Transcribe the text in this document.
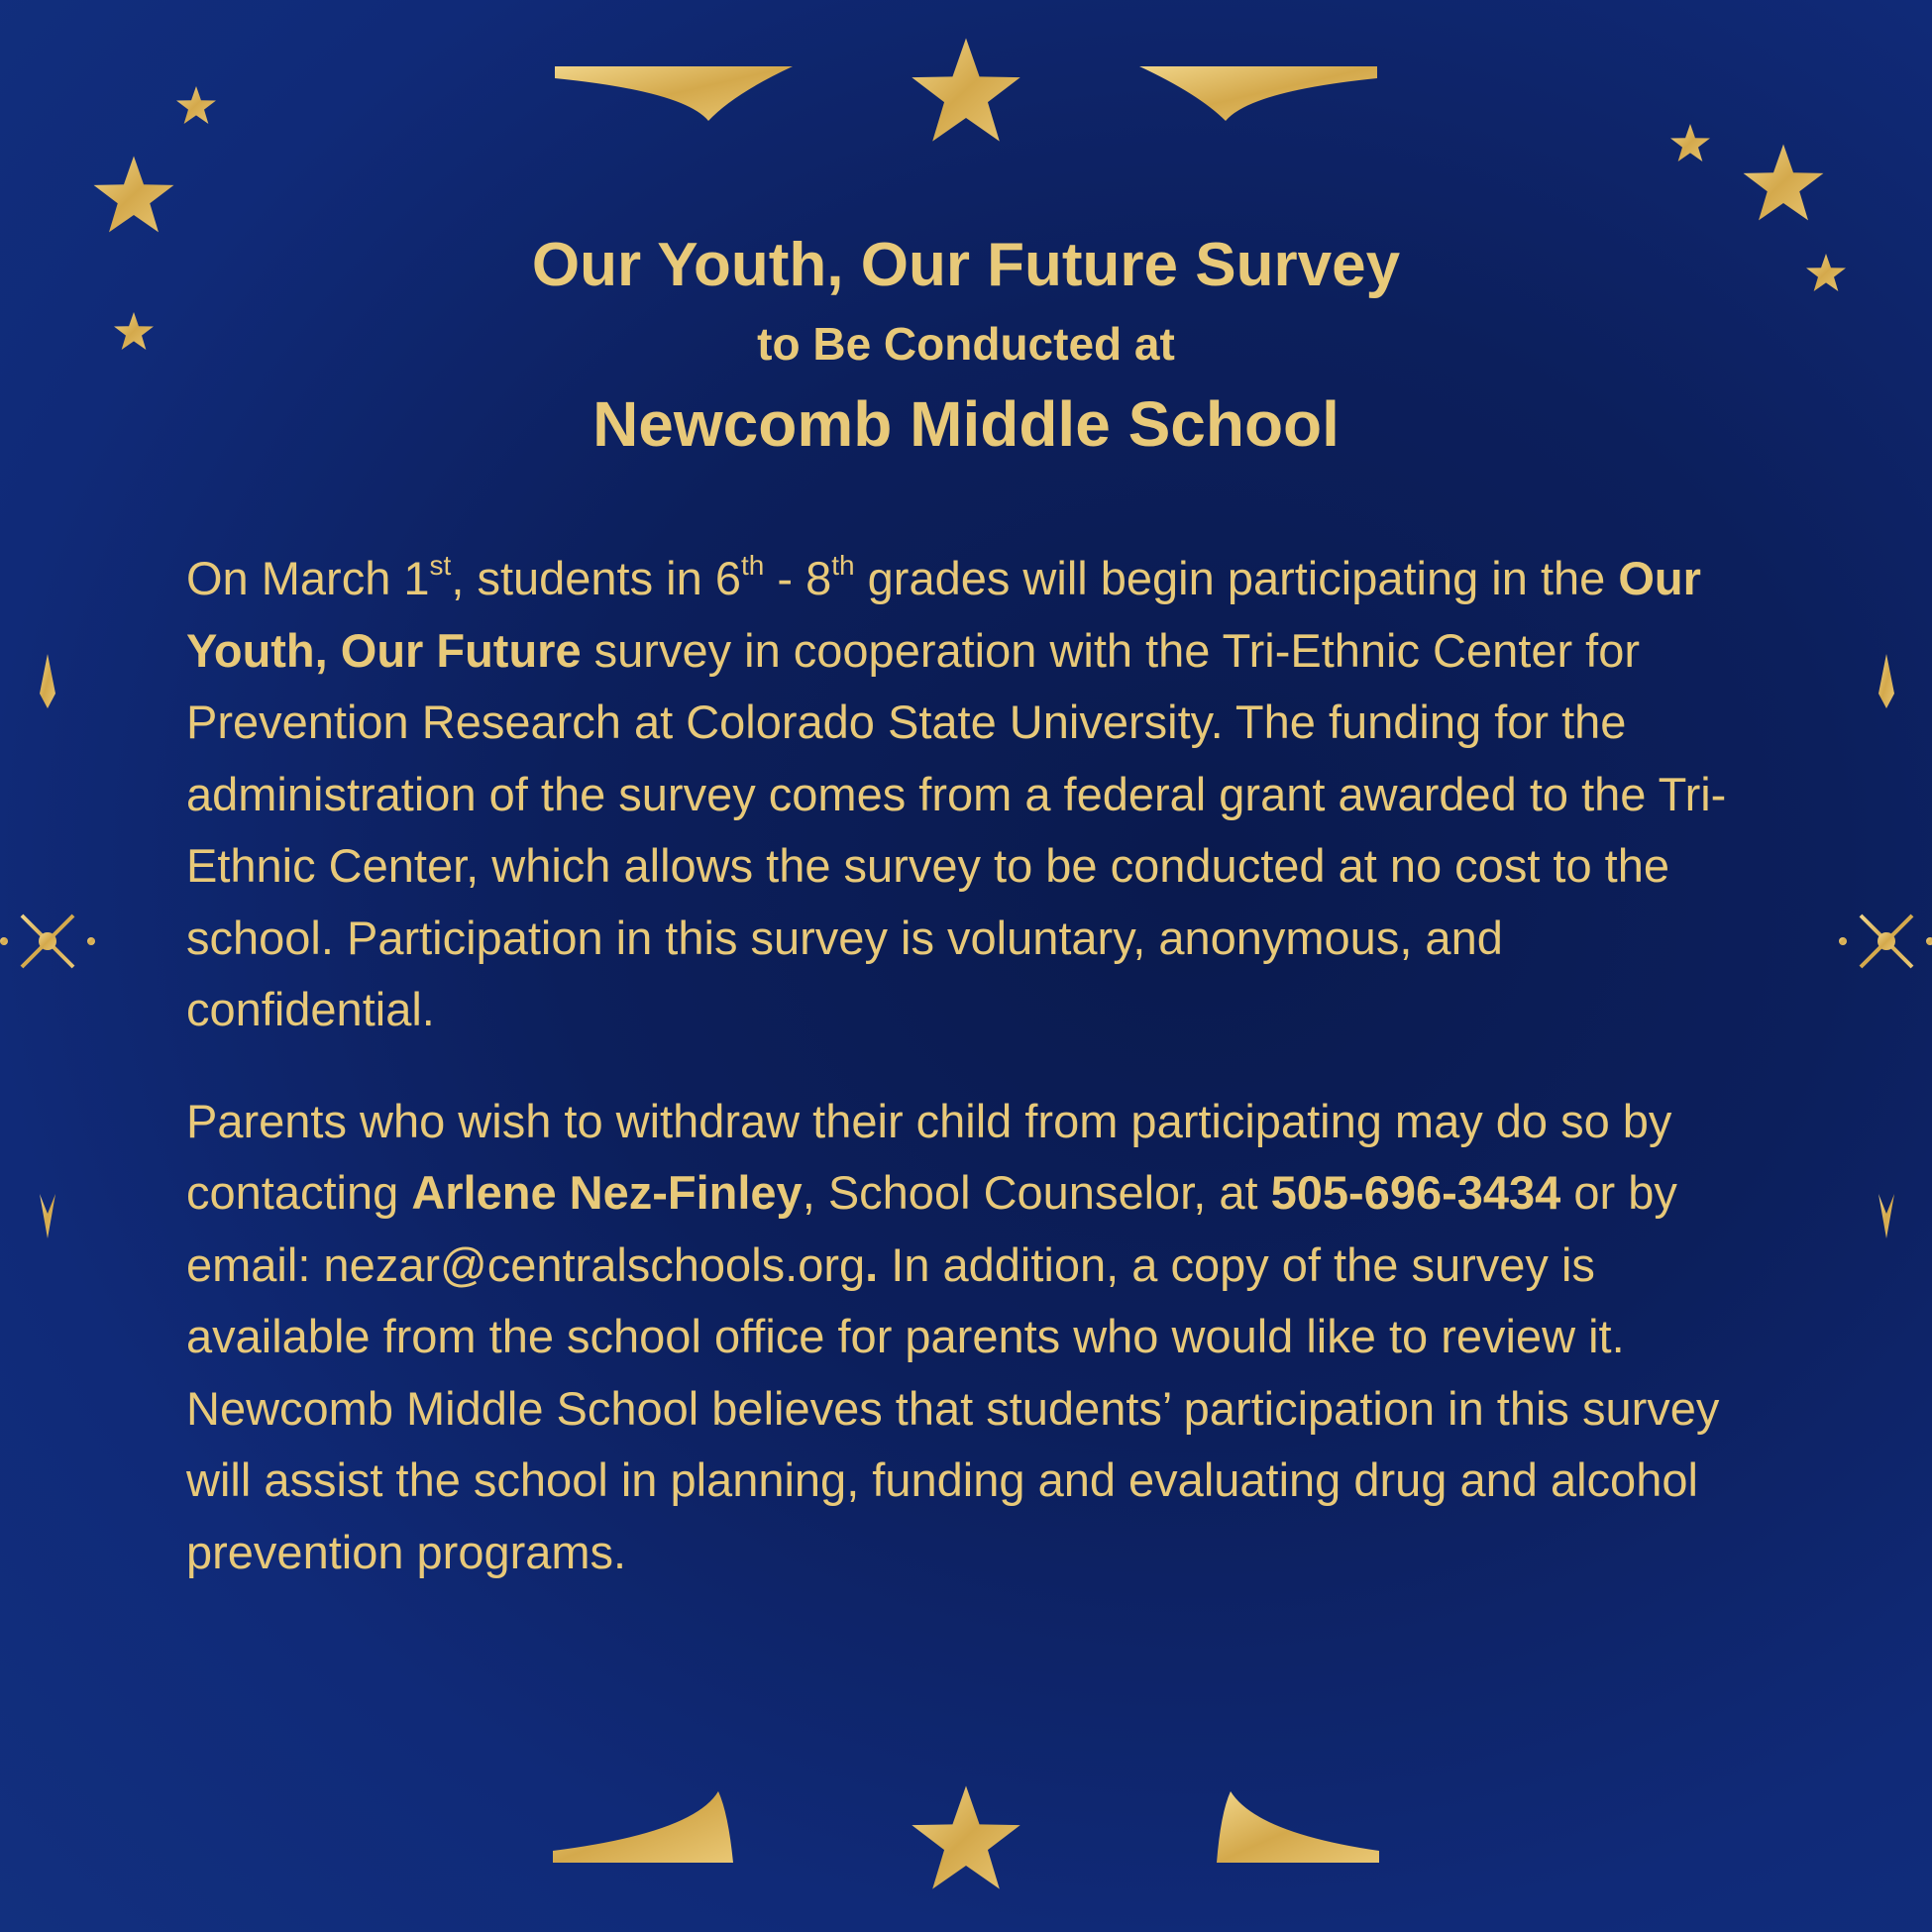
Our Youth, Our Future Survey
to Be Conducted at
Newcomb Middle School

On March 1st, students in 6th - 8th grades will begin participating in the Our Youth, Our Future survey in cooperation with the Tri-Ethnic Center for Prevention Research at Colorado State University. The funding for the administration of the survey comes from a federal grant awarded to the Tri-Ethnic Center, which allows the survey to be conducted at no cost to the school. Participation in this survey is voluntary, anonymous, and confidential.

Parents who wish to withdraw their child from participating may do so by contacting Arlene Nez-Finley, School Counselor, at 505-696-3434 or by email: nezar@centralschools.org. In addition, a copy of the survey is available from the school office for parents who would like to review it. Newcomb Middle School believes that students’ participation in this survey will assist the school in planning, funding and evaluating drug and alcohol prevention programs.
